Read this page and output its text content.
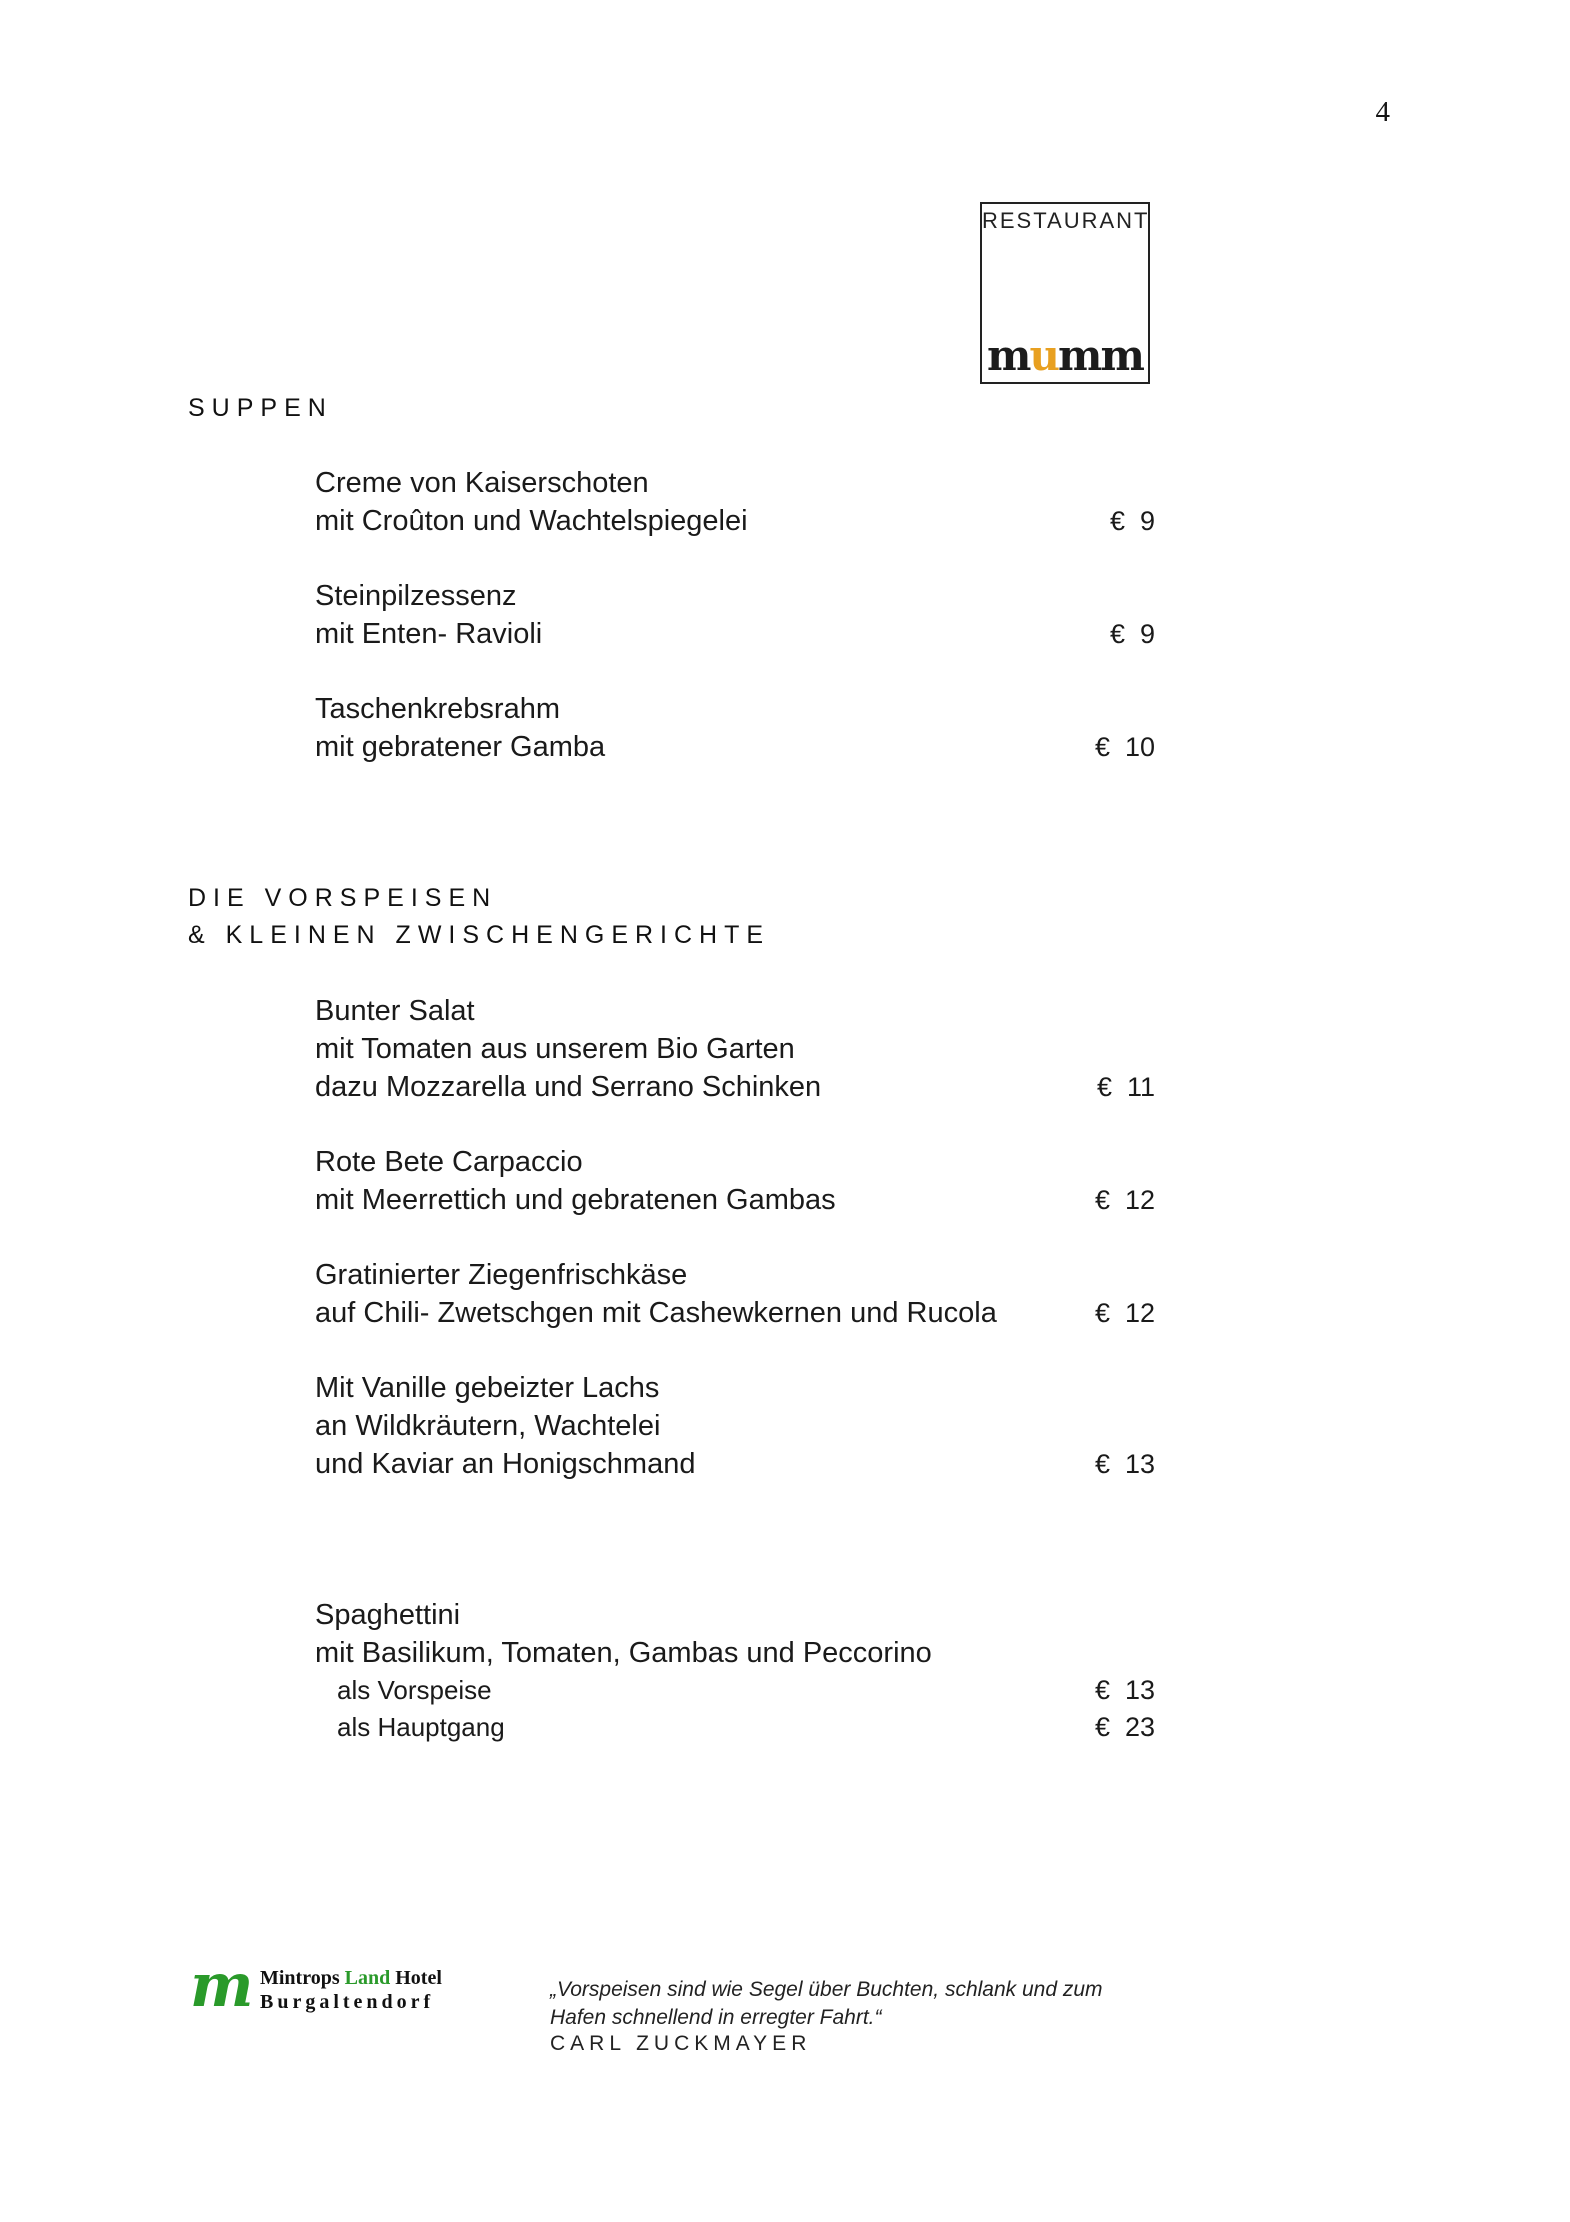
4
RESTAURANT
mumm
SUPPEN
Creme von Kaiserschoten
mit Croûton und Wachtelspiegelei	€  9
Steinpilzessenz
mit Enten- Ravioli	€  9
Taschenkrebsrahm
mit gebratener Gamba	€  10
DIE VORSPEISEN
& KLEINEN ZWISCHENGERICHTE
Bunter Salat
mit Tomaten aus unserem Bio Garten
dazu Mozzarella und Serrano Schinken	€  11
Rote Bete Carpaccio
mit Meerrettich und gebratenen Gambas	€  12
Gratinierter Ziegenfrischkäse
auf Chili- Zwetschgen mit Cashewkernen und Rucola	€  12
Mit Vanille gebeizter Lachs
an Wildkräutern, Wachtelei
und Kaviar an Honigschmand	€  13
Spaghettini
mit Basilikum, Tomaten, Gambas und Peccorino
als Vorspeise	€  13
als Hauptgang	€  23
m Mintrops Land Hotel
Burgaltendorf
„Vorspeisen sind wie Segel über Buchten, schlank und zum
Hafen schnellend in erregter Fahrt.“
CARL ZUCKMAYER
